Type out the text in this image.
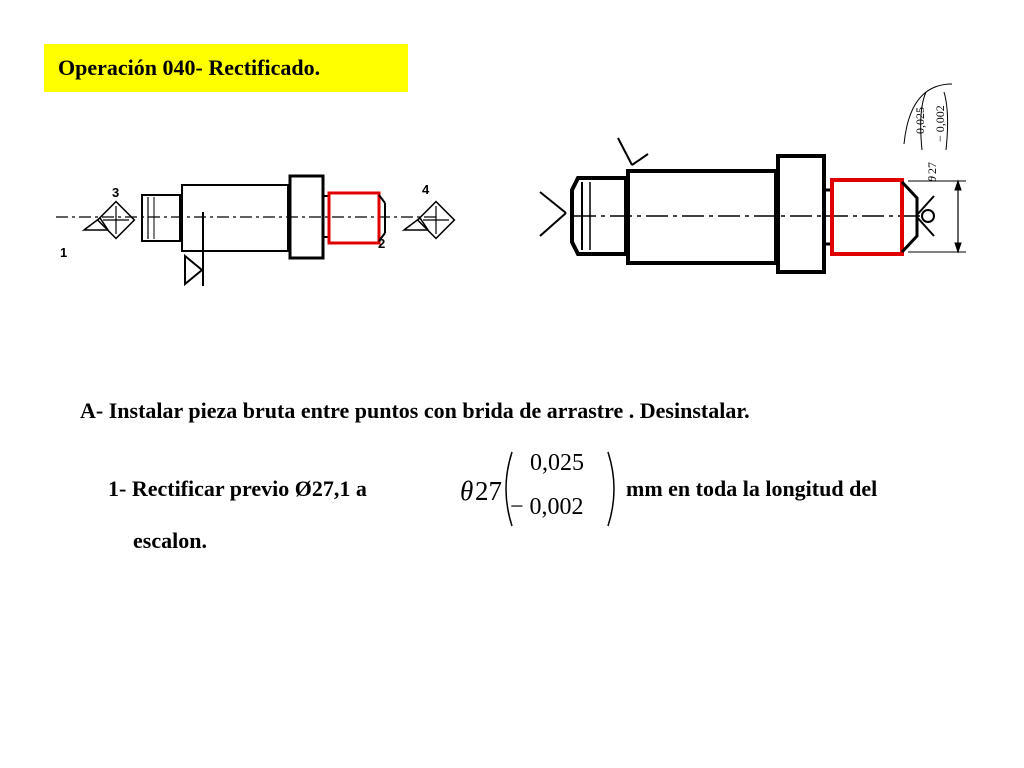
Operación 040- Rectificado.
3
1
4
2
θ
27
0,025 − 0,002
A- Instalar pieza bruta entre puntos con brida de arrastre . Desinstalar.
1- Rectificar previo Ø27,1 a	θ 27
0,025
− 0,002
mm en toda la longitud del
escalon.
